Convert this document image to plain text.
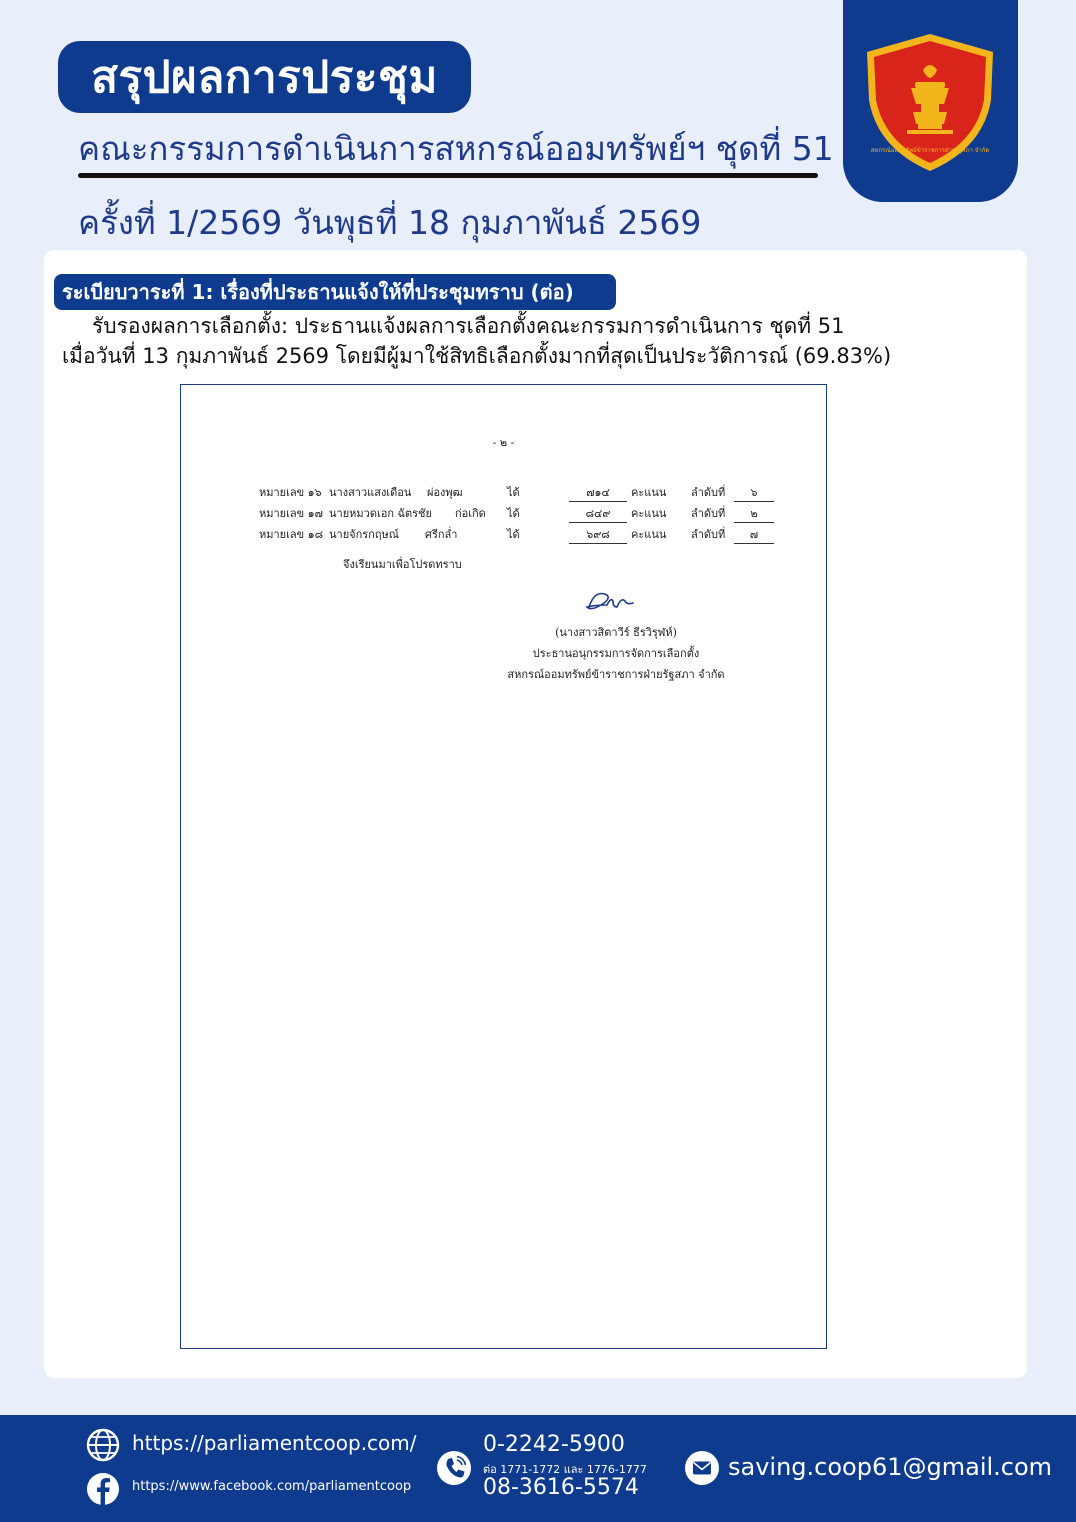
สรุปผลการประชุม
คณะกรรมการดำเนินการสหกรณ์ออมทรัพย์ฯ ชุดที่ 51
ครั้งที่ 1/2569 วันพุธที่ 18 กุมภาพันธ์ 2569
สหกรณ์ออมทรัพย์ข้าราชการฝ่ายรัฐสภา จำกัด
ระเบียบวาระที่ 1: เรื่องที่ประธานแจ้งให้ที่ประชุมทราบ (ต่อ)
รับรองผลการเลือกตั้ง: ประธานแจ้งผลการเลือกตั้งคณะกรรมการดำเนินการ ชุดที่ 51
เมื่อวันที่ 13 กุมภาพันธ์ 2569 โดยมีผู้มาใช้สิทธิเลือกตั้งมากที่สุดเป็นประวัติการณ์ (69.83%)
- ๒ -
หมายเลข ๑๖ นางสาวแสงเดือน ผ่องพุฒ	ได้	๗๑๔	คะแนน ลำดับที่	๖
หมายเลข ๑๗ นายหมวดเอก ฉัตรชัย ก่อเกิด ได้	๘๔๙	คะแนน ลำดับที่	๒
หมายเลข ๑๘ นายจักรกฤษณ์ ศรีกล่ำ	ได้	๖๙๘	คะแนน ลำดับที่	๗
จึงเรียนมาเพื่อโปรดทราบ
(นางสาวสิตาวีร์ ธีรวิรุฬห์)
ประธานอนุกรรมการจัดการเลือกตั้ง
สหกรณ์ออมทรัพย์ข้าราชการฝ่ายรัฐสภา จำกัด
https://parliamentcoop.com/
https://www.facebook.com/parliamentcoop
0-2242-5900
ต่อ 1771-1772 และ 1776-1777
08-3616-5574
saving.coop61@gmail.com
